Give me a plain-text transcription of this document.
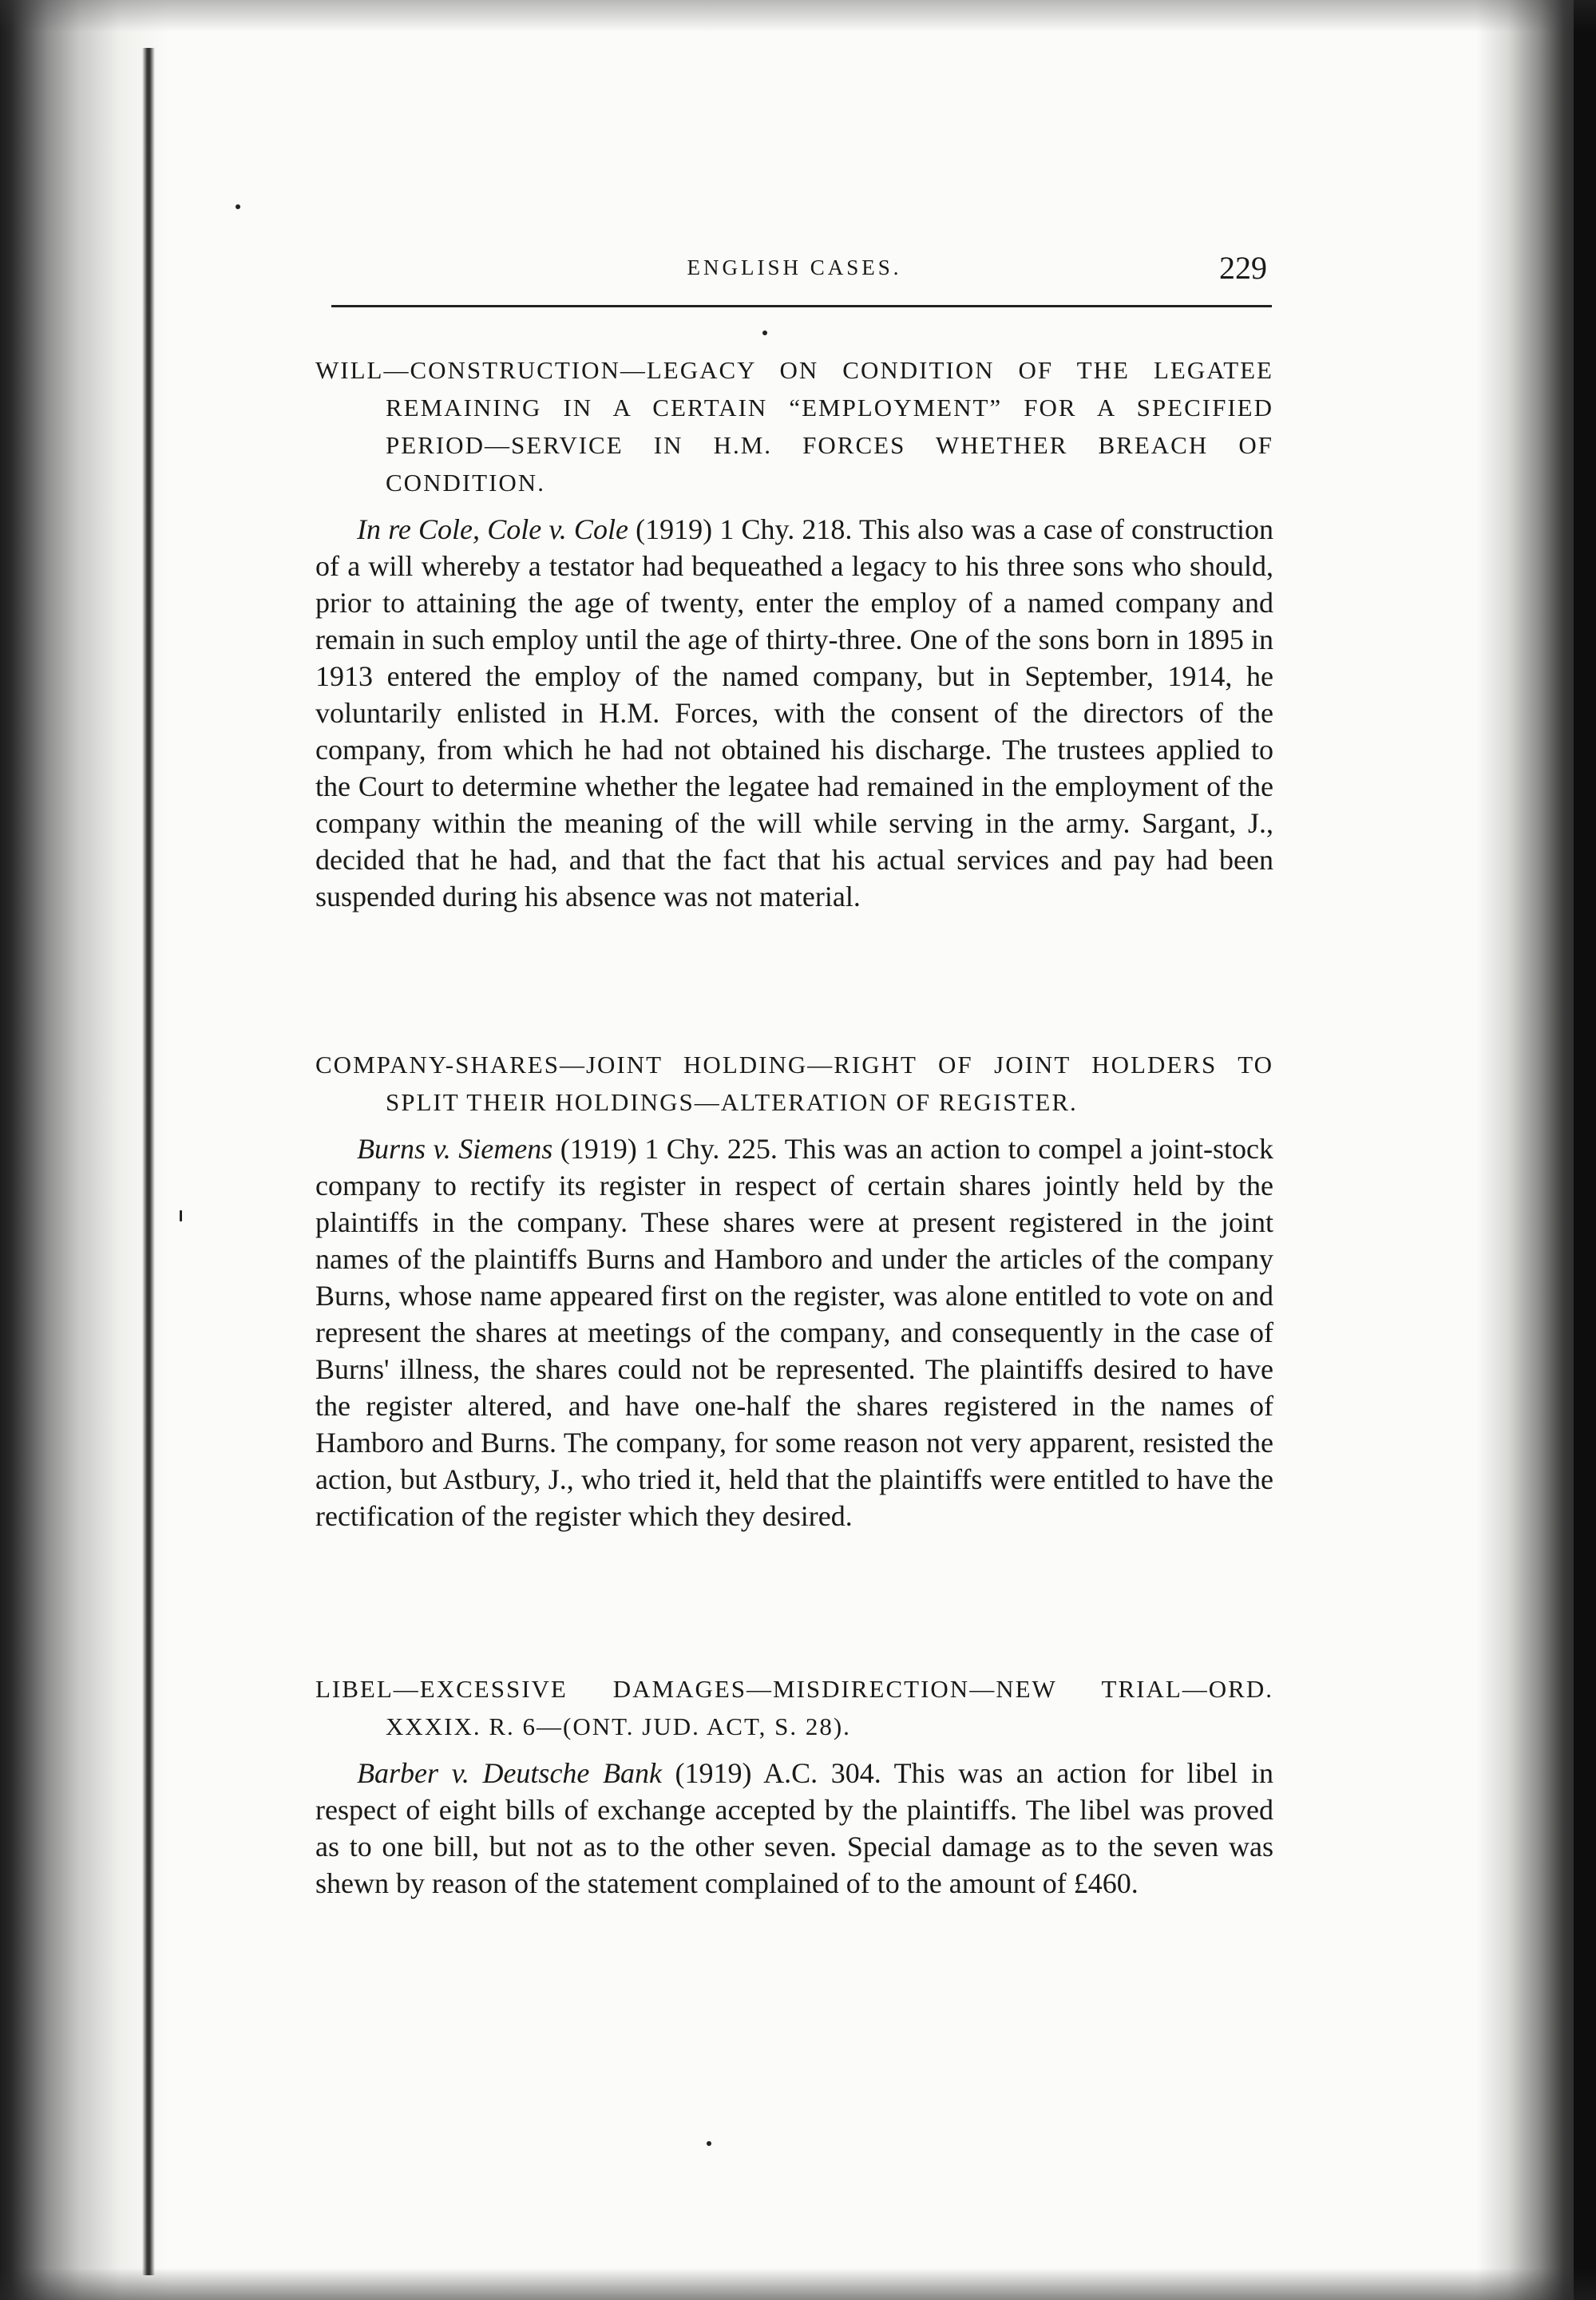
ENGLISH CASES.	229
WILL—CONSTRUCTION—LEGACY ON CONDITION OF THE LEGATEE REMAINING IN A CERTAIN “EMPLOYMENT” FOR A SPECIFIED PERIOD—SERVICE IN H.M. FORCES WHETHER BREACH OF CONDITION.

In re Cole, Cole v. Cole (1919) 1 Chy. 218. This also was a case of construction of a will whereby a testator had bequeathed a legacy to his three sons who should, prior to attaining the age of twenty, enter the employ of a named company and remain in such employ until the age of thirty-three. One of the sons born in 1895 in 1913 entered the employ of the named company, but in September, 1914, he voluntarily enlisted in H.M. Forces, with the consent of the directors of the company, from which he had not obtained his discharge. The trustees applied to the Court to determine whether the legatee had remained in the employment of the company within the meaning of the will while serving in the army. Sargant, J., decided that he had, and that the fact that his actual services and pay had been suspended during his absence was not material.

COMPANY-SHARES—JOINT HOLDING—RIGHT OF JOINT HOLDERS TO SPLIT THEIR HOLDINGS—ALTERATION OF REGISTER.

Burns v. Siemens (1919) 1 Chy. 225. This was an action to compel a joint-stock company to rectify its register in respect of certain shares jointly held by the plaintiffs in the company. These shares were at present registered in the joint names of the plaintiffs Burns and Hamboro and under the articles of the company Burns, whose name appeared first on the register, was alone entitled to vote on and represent the shares at meetings of the company, and consequently in the case of Burns' illness, the shares could not be represented. The plaintiffs desired to have the register altered, and have one-half the shares registered in the names of Hamboro and Burns. The company, for some reason not very apparent, resisted the action, but Astbury, J., who tried it, held that the plaintiffs were entitled to have the rectification of the register which they desired.

LIBEL—EXCESSIVE DAMAGES—MISDIRECTION—NEW TRIAL—ORD. XXXIX. R. 6—(ONT. JUD. ACT, S. 28).

Barber v. Deutsche Bank (1919) A.C. 304. This was an action for libel in respect of eight bills of exchange accepted by the plaintiffs. The libel was proved as to one bill, but not as to the other seven. Special damage as to the seven was shewn by reason of the statement complained of to the amount of £460.
